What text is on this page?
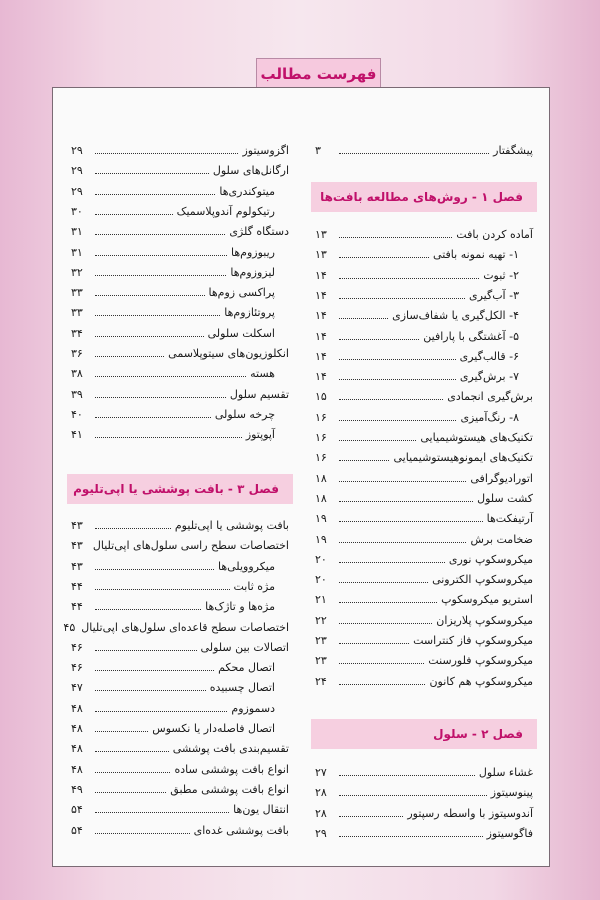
فهرست مطالب
پیشگفتار
۳
فصل ۱ - روش‌های مطالعه بافت‌ها
آماده کردن بافت
۱۳
۱- تهیه نمونه بافتی
۱۳
۲- ثبوت
۱۴
۳- آب‌گیری
۱۴
۴- الکل‌گیری یا شفاف‌سازی
۱۴
۵- آغشتگی با پارافین
۱۴
۶- قالب‌گیری
۱۴
۷- برش‌گیری
۱۴
برش‌گیری انجمادی
۱۵
۸- رنگ‌آمیزی
۱۶
تکنیک‌های هیستوشیمیایی
۱۶
تکنیک‌های ایمونوهیستوشیمیایی
۱۶
اتورادیوگرافی
۱۸
کشت سلول
۱۸
آرتیفکت‌ها
۱۹
ضخامت برش
۱۹
میکروسکوپ نوری
۲۰
میکروسکوپ الکترونی
۲۰
استریو میکروسکوپ
۲۱
میکروسکوپ پلاریزان
۲۲
میکروسکوپ فاز کنتراست
۲۳
میکروسکوپ فلورسنت
۲۳
میکروسکوپ هم کانون
۲۴
فصل ۲ - سلول
غشاء سلول
۲۷
پینوسیتوز
۲۸
آندوسیتوز با واسطه رسپتور
۲۸
فاگوسیتوز
۲۹
اگزوسیتوز
۲۹
ارگانل‌های سلول
۲۹
میتوکندری‌ها
۲۹
رتیکولوم آندوپلاسمیک
۳۰
دستگاه گلژی
۳۱
ریبوزوم‌ها
۳۱
لیزوزوم‌ها
۳۲
پراکسی زوم‌ها
۳۳
پروتئازوم‌ها
۳۳
اسکلت سلولی
۳۴
انکلوزیون‌های سیتوپلاسمی
۳۶
هسته
۳۸
تقسیم سلول
۳۹
چرخه سلولی
۴۰
آپوپتوز
۴۱
فصل ۳ - بافت پوششی یا اپی‌تلیوم
بافت پوششی یا اپی‌تلیوم
۴۳
اختصاصات سطح راسی سلول‌های اپی‌تلیال
۴۳
میکروویلی‌ها
۴۳
مژه ثابت
۴۴
مژه‌ها و تاژک‌ها
۴۴
اختصاصات سطح قاعده‌ای سلول‌های اپی‌تلیال
۴۵
اتصالات بین سلولی
۴۶
اتصال محکم
۴۶
اتصال چسبیده
۴۷
دسموزوم
۴۸
اتصال فاصله‌دار یا نکسوس
۴۸
تقسیم‌بندی بافت پوششی
۴۸
انواع بافت پوششی ساده
۴۸
انواع بافت پوششی مطبق
۴۹
انتقال یون‌ها
۵۴
بافت پوششی غده‌ای
۵۴
